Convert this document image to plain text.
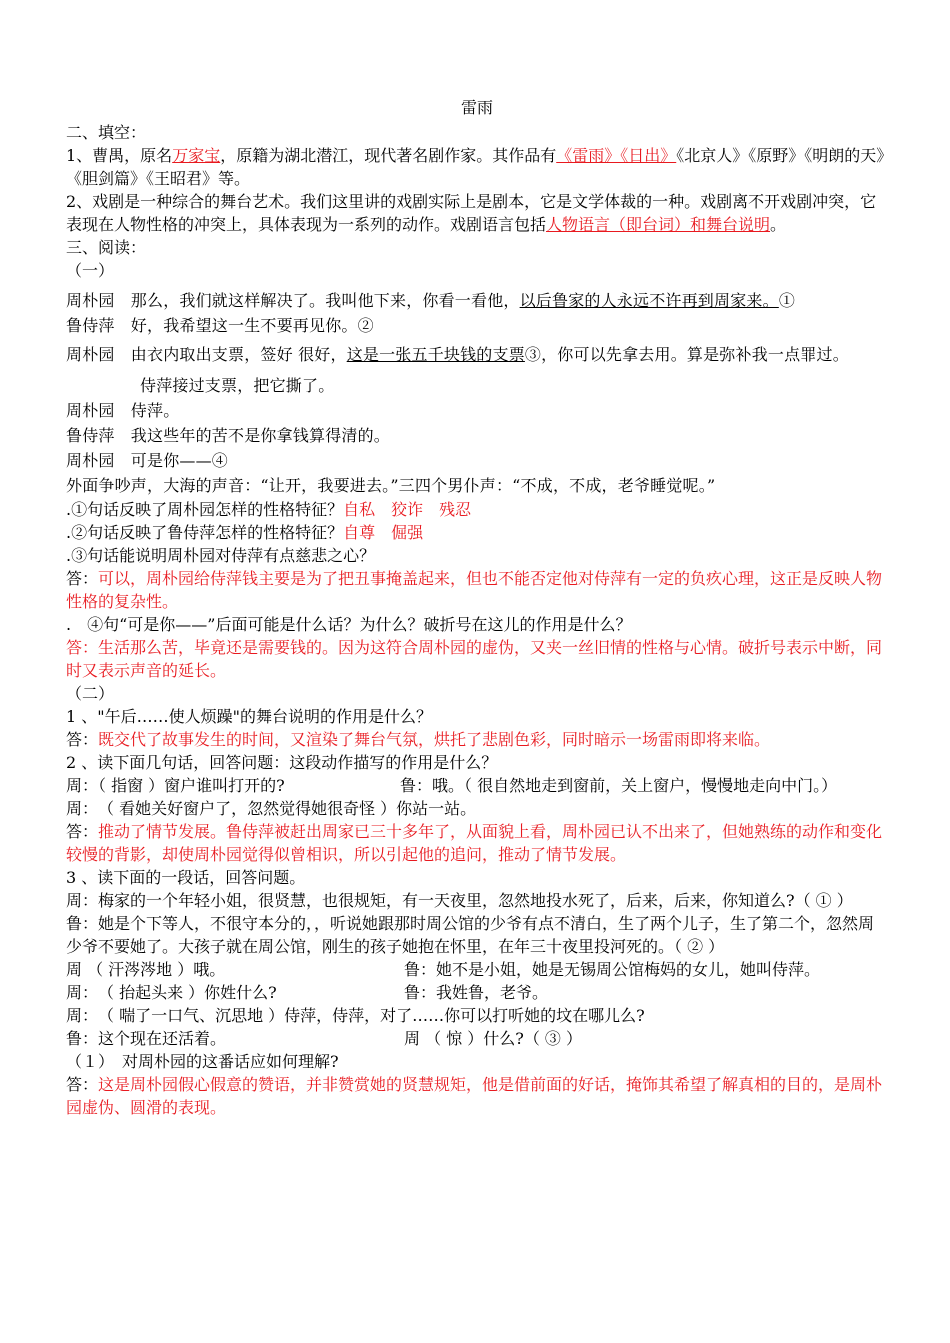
雷雨
二、填空：
1、曹禺，原名万家宝，原籍为湖北潜江，现代著名剧作家。其作品有《雷雨》《日出》《北京人》《原野》《明朗的天》《胆剑篇》《王昭君》等。
2、戏剧是一种综合的舞台艺术。我们这里讲的戏剧实际上是剧本，它是文学体裁的一种。戏剧离不开戏剧冲突，它表现在人物性格的冲突上，具体表现为一系列的动作。戏剧语言包括人物语言（即台词）和舞台说明。
三、阅读：
（一）
周朴园　那么，我们就这样解决了。我叫他下来，你看一看他，以后鲁家的人永远不许再到周家来。①
鲁侍萍　好，我希望这一生不要再见你。②
周朴园　由衣内取出支票，签好 很好，这是一张五千块钱的支票③，你可以先拿去用。算是弥补我一点罪过。
侍萍接过支票，把它撕了。
周朴园　侍萍。
鲁侍萍　我这些年的苦不是你拿钱算得清的。
周朴园　可是你——④
外面争吵声，大海的声音：“让开，我要进去。”三四个男仆声：“不成，不成，老爷睡觉呢。”
.①句话反映了周朴园怎样的性格特征？自私　狡诈　残忍
.②句话反映了鲁侍萍怎样的性格特征？自尊　倔强
.③句话能说明周朴园对侍萍有点慈悲之心？
答：可以，周朴园给侍萍钱主要是为了把丑事掩盖起来，但也不能否定他对侍萍有一定的负疚心理，这正是反映人物性格的复杂性。
.　④句“可是你——”后面可能是什么话？为什么？破折号在这儿的作用是什么？
答：生活那么苦，毕竟还是需要钱的。因为这符合周朴园的虚伪，又夹一丝旧情的性格与心情。破折号表示中断，同时又表示声音的延长。
（二）
1 、"午后……使人烦躁"的舞台说明的作用是什么？
答：既交代了故事发生的时间，又渲染了舞台气氛，烘托了悲剧色彩，同时暗示一场雷雨即将来临。
2 、读下面几句话，回答问题：这段动作描写的作用是什么？
周：（ 指窗 ）窗户谁叫打开的?	鲁：哦。（ 很自然地走到窗前，关上窗户，慢慢地走向中门。）
周：　（ 看她关好窗户了，忽然觉得她很奇怪 ）你站一站。
答：推动了情节发展。鲁侍萍被赶出周家已三十多年了，从面貌上看，周朴园已认不出来了，但她熟练的动作和变化较慢的背影，却使周朴园觉得似曾相识，所以引起他的追问，推动了情节发展。
3 、读下面的一段话，回答问题。
周：梅家的一个年轻小姐，很贤慧，也很规矩，有一天夜里，忽然地投水死了，后来，后来，你知道么?（ ① ）
鲁：她是个下等人，不很守本分的，，听说她跟那时周公馆的少爷有点不清白，生了两个儿子，生了第二个，忽然周少爷不要她了。大孩子就在周公馆，刚生的孩子她抱在怀里，在年三十夜里投河死的。（ ② ）
周 （ 汗涔涔地 ）哦。	鲁：她不是小姐，她是无锡周公馆梅妈的女儿，她叫侍萍。
周：　（ 抬起头来 ）你姓什么?	鲁：我姓鲁，老爷。
周：　（ 喘了一口气、沉思地 ）侍萍，侍萍，对了……你可以打听她的坟在哪儿么?
鲁：这个现在还活着。	周 （ 惊 ）什么?（ ③ ）
（１）　对周朴园的这番话应如何理解?
答：这是周朴园假心假意的赞语，并非赞赏她的贤慧规矩，他是借前面的好话，掩饰其希望了解真相的目的，是周朴园虚伪、圆滑的表现。
